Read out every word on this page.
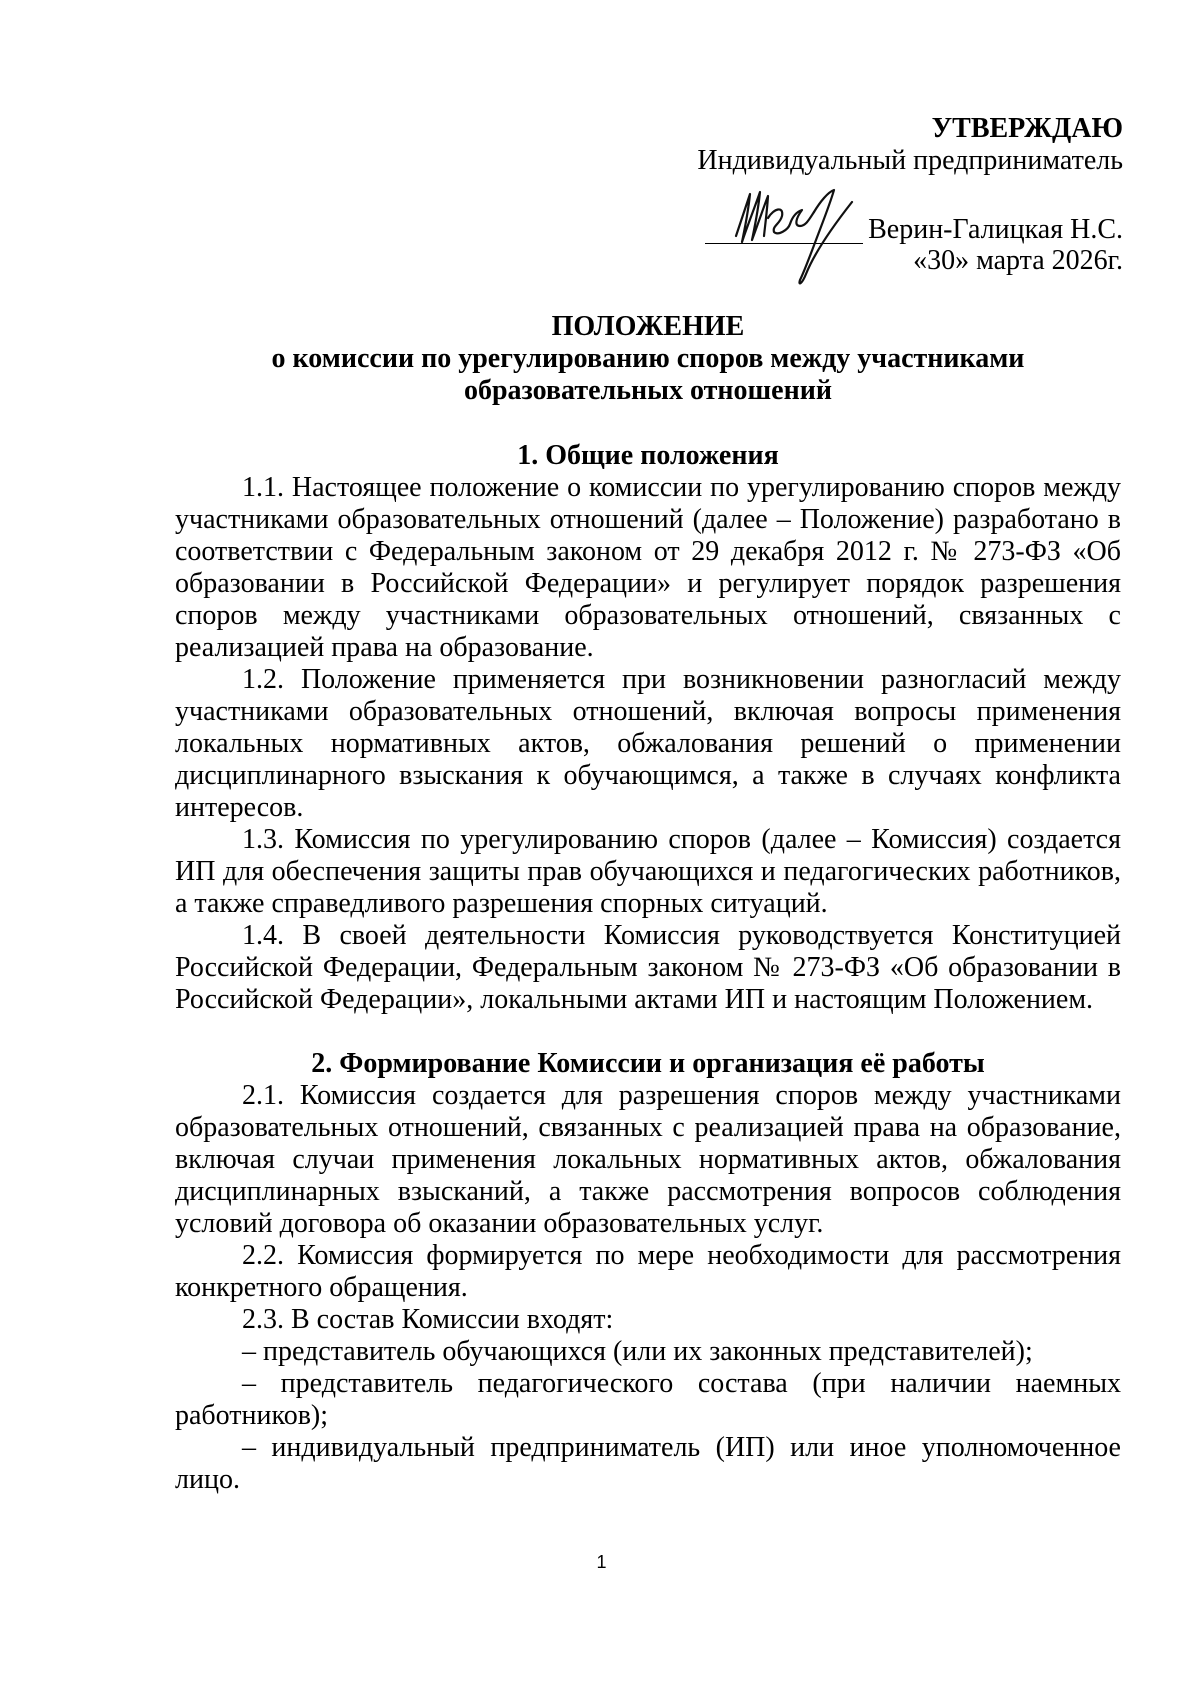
УТВЕРЖДАЮ
Индивидуальный предприниматель
Верин-Галицкая Н.С.
«30» марта 2026г.
ПОЛОЖЕНИЕ
о комиссии по урегулированию споров между участниками
образовательных отношений

1. Общие положения

1.1. Настоящее положение о комиссии по урегулированию споров между участниками образовательных отношений (далее – Положение) разработано в соответствии с Федеральным законом от 29 декабря 2012 г. № 273-ФЗ «Об образовании в Российской Федерации» и регулирует порядок разрешения споров между участниками образовательных отношений, связанных с реализацией права на образование.

1.2. Положение применяется при возникновении разногласий между участниками образовательных отношений, включая вопросы применения локальных нормативных актов, обжалования решений о применении дисциплинарного взыскания к обучающимся, а также в случаях конфликта интересов.

1.3. Комиссия по урегулированию споров (далее – Комиссия) создается ИП для обеспечения защиты прав обучающихся и педагогических работников, а также справедливого разрешения спорных ситуаций.

1.4. В своей деятельности Комиссия руководствуется Конституцией Российской Федерации, Федеральным законом № 273-ФЗ «Об образовании в Российской Федерации», локальными актами ИП и настоящим Положением.

2. Формирование Комиссии и организация её работы

2.1. Комиссия создается для разрешения споров между участниками образовательных отношений, связанных с реализацией права на образование, включая случаи применения локальных нормативных актов, обжалования дисциплинарных взысканий, а также рассмотрения вопросов соблюдения условий договора об оказании образовательных услуг.

2.2. Комиссия формируется по мере необходимости для рассмотрения конкретного обращения.

2.3. В состав Комиссии входят:

– представитель обучающихся (или их законных представителей);

– представитель педагогического состава (при наличии наемных работников);

– индивидуальный предприниматель (ИП) или иное уполномоченное лицо.

1
